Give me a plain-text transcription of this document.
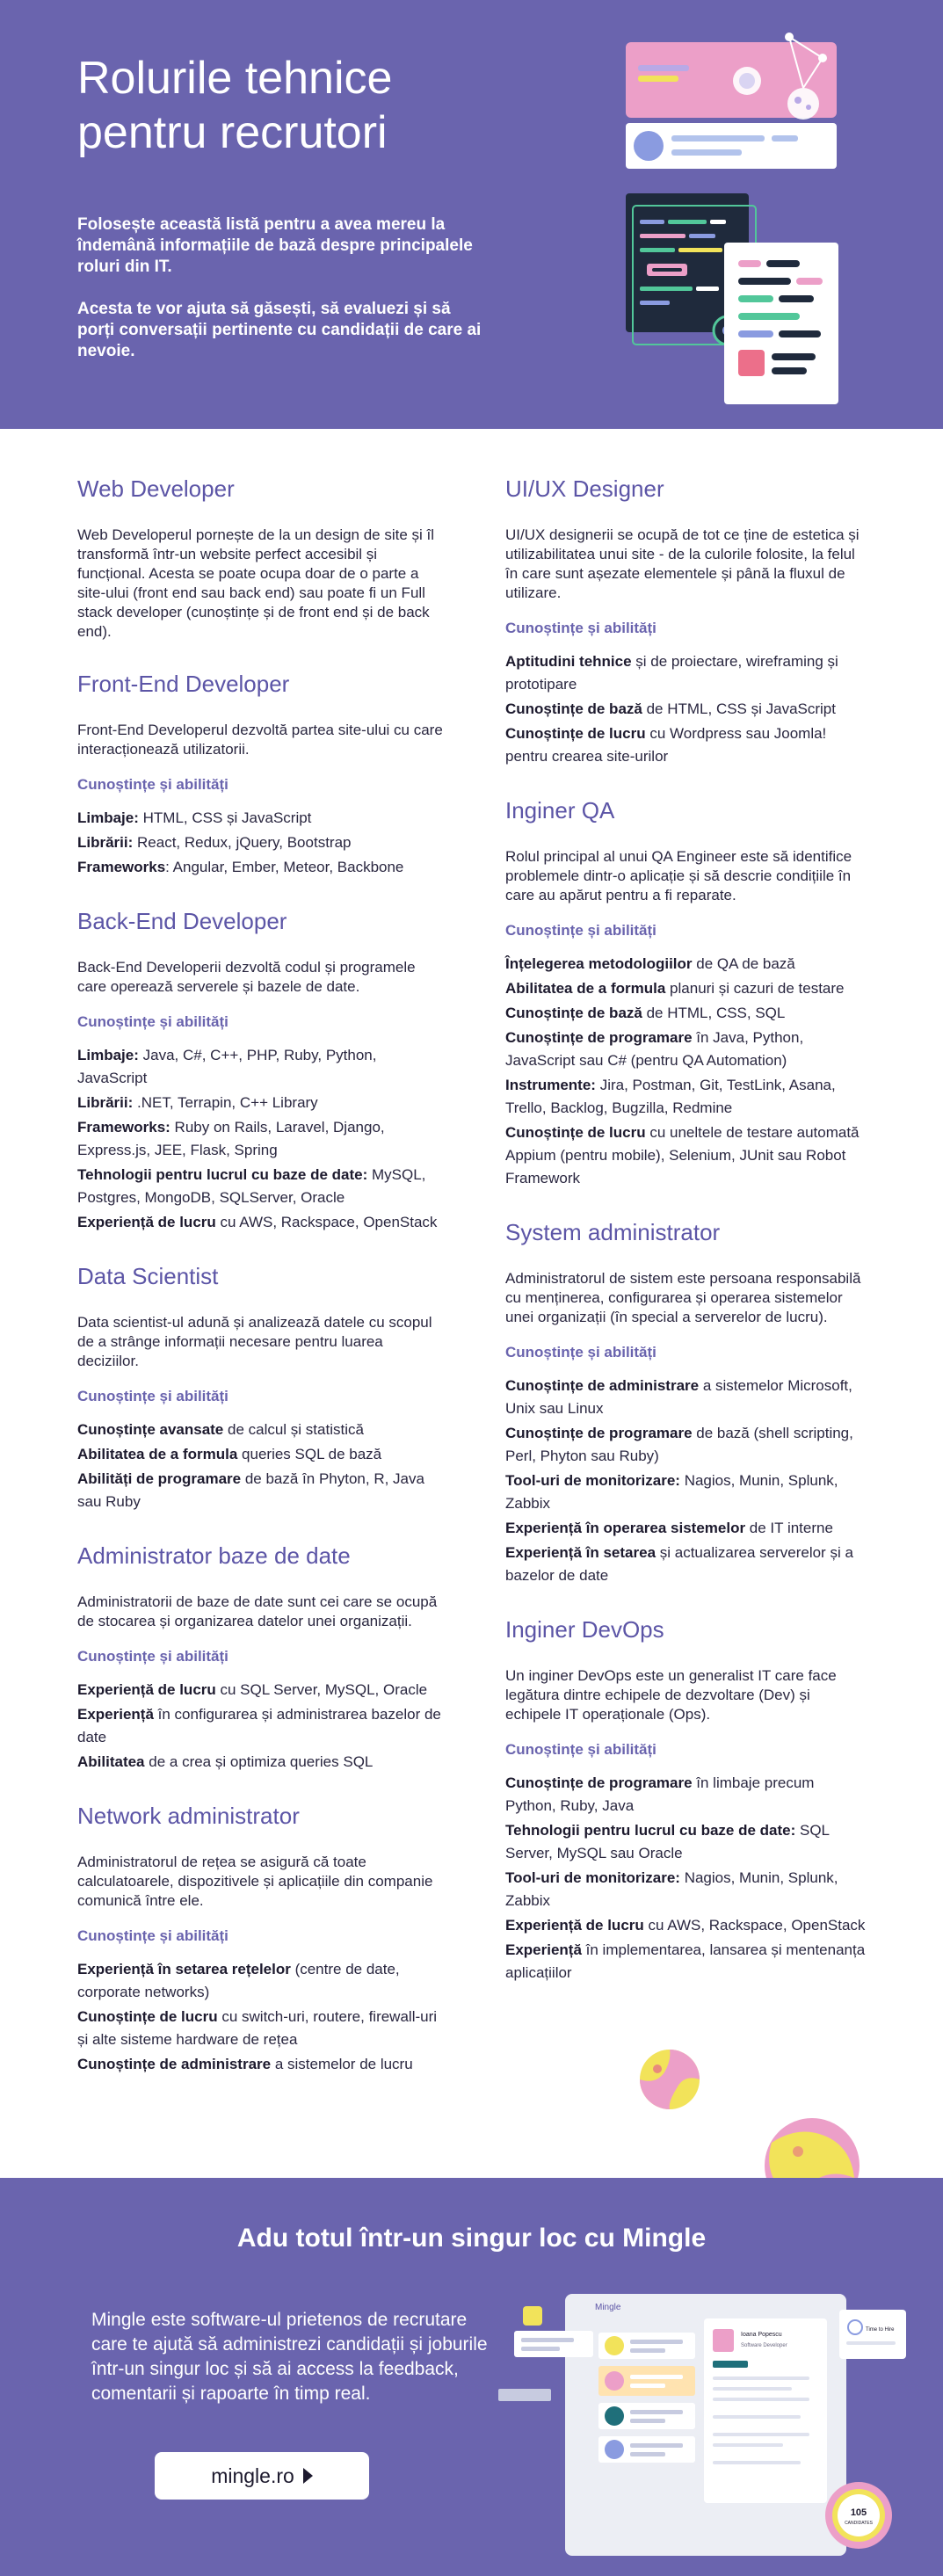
Rolurile tehnice pentru recrutori

Folosește această listă pentru a avea mereu la îndemână informațiile de bază despre principalele roluri din IT.

Acesta te vor ajuta să găsești, să evaluezi și să porți conversații pertinente cu candidații de care ai nevoie.

Web Developer

Web Developerul pornește de la un design de site și îl transformă într-un website perfect accesibil și funcțional. Acesta se poate ocupa doar de o parte a site-ului (front end sau back end) sau poate fi un Full stack developer (cunoștințe și de front end și de back end).

Front-End Developer

Front-End Developerul dezvoltă partea site-ului cu care interacționează utilizatorii.

Cunoștințe și abilități

Limbaje: HTML, CSS și JavaScript

Librării: React, Redux, jQuery, Bootstrap

Frameworks: Angular, Ember, Meteor, Backbone

Back-End Developer

Back-End Developerii dezvoltă codul și programele care operează serverele și bazele de date.

Cunoștințe și abilități

Limbaje: Java, C#, C++, PHP, Ruby, Python, JavaScript

Librării: .NET, Terrapin, C++ Library

Frameworks: Ruby on Rails, Laravel, Django, Express.js, JEE, Flask, Spring

Tehnologii pentru lucrul cu baze de date: MySQL, Postgres, MongoDB, SQLServer, Oracle

Experiență de lucru cu AWS, Rackspace, OpenStack

Data Scientist

Data scientist-ul adună și analizează datele cu scopul de a strânge informații necesare pentru luarea deciziilor.

Cunoștințe și abilități

Cunoștințe avansate de calcul și statistică

Abilitatea de a formula queries SQL de bază

Abilități de programare de bază în Phyton, R, Java sau Ruby

Administrator baze de date

Administratorii de baze de date sunt cei care se ocupă de stocarea și organizarea datelor unei organizații.

Cunoștințe și abilități

Experiență de lucru cu SQL Server, MySQL, Oracle

Experiență în configurarea și administrarea bazelor de date

Abilitatea de a crea și optimiza queries SQL

Network administrator

Administratorul de rețea se asigură că toate calculatoarele, dispozitivele și aplicațiile din companie comunică între ele.

Cunoștințe și abilități

Experiență în setarea rețelelor (centre de date, corporate networks)

Cunoștințe de lucru cu switch-uri, routere, firewall-uri și alte sisteme hardware de rețea

Cunoștințe de administrare a sistemelor de lucru

UI/UX Designer

UI/UX designerii se ocupă de tot ce ține de estetica și utilizabilitatea unui site - de la culorile folosite, la felul în care sunt așezate elementele și până la fluxul de utilizare.

Cunoștințe și abilități

Aptitudini tehnice și de proiectare, wireframing și prototipare

Cunoștințe de bază de HTML, CSS și JavaScript

Cunoștințe de lucru cu Wordpress sau Joomla! pentru crearea site-urilor

Inginer QA

Rolul principal al unui QA Engineer este să identifice problemele dintr-o aplicație și să descrie condițiile în care au apărut pentru a fi reparate.

Cunoștințe și abilități

Înțelegerea metodologiilor de QA de bază

Abilitatea de a formula planuri și cazuri de testare

Cunoștințe de bază de HTML, CSS, SQL

Cunoștințe de programare în Java, Python, JavaScript sau C# (pentru QA Automation)

Instrumente: Jira, Postman, Git, TestLink, Asana, Trello, Backlog, Bugzilla, Redmine

Cunoștințe de lucru cu uneltele de testare automată Appium (pentru mobile), Selenium, JUnit sau Robot Framework

System administrator

Administratorul de sistem este persoana responsabilă cu menținerea, configurarea și operarea sistemelor unei organizații (în special a serverelor de lucru).

Cunoștințe și abilități

Cunoștințe de administrare a sistemelor Microsoft, Unix sau Linux

Cunoștințe de programare de bază (shell scripting, Perl, Phyton sau Ruby)

Tool-uri de monitorizare: Nagios, Munin, Splunk, Zabbix

Experiență în operarea sistemelor de IT interne

Experiență în setarea și actualizarea serverelor și a bazelor de date

Inginer DevOps

Un inginer DevOps este un generalist IT care face legătura dintre echipele de dezvoltare (Dev) și echipele IT operaționale (Ops).

Cunoștințe și abilități

Cunoștințe de programare în limbaje precum Python, Ruby, Java

Tehnologii pentru lucrul cu baze de date: SQL Server, MySQL sau Oracle

Tool-uri de monitorizare: Nagios, Munin, Splunk, Zabbix

Experiență de lucru cu AWS, Rackspace, OpenStack

Experiență în implementarea, lansarea și mentenanța aplicațiilor

Adu totul într-un singur loc cu Mingle

Mingle este software-ul prietenos de recrutare care te ajută să administrezi candidații și joburile într-un singur loc și să ai access la feedback, comentarii și rapoarte în timp real.

mingle.ro
Mingle
Ioana Popescu
Software Developer
Time to Hire
105
CANDIDATES
